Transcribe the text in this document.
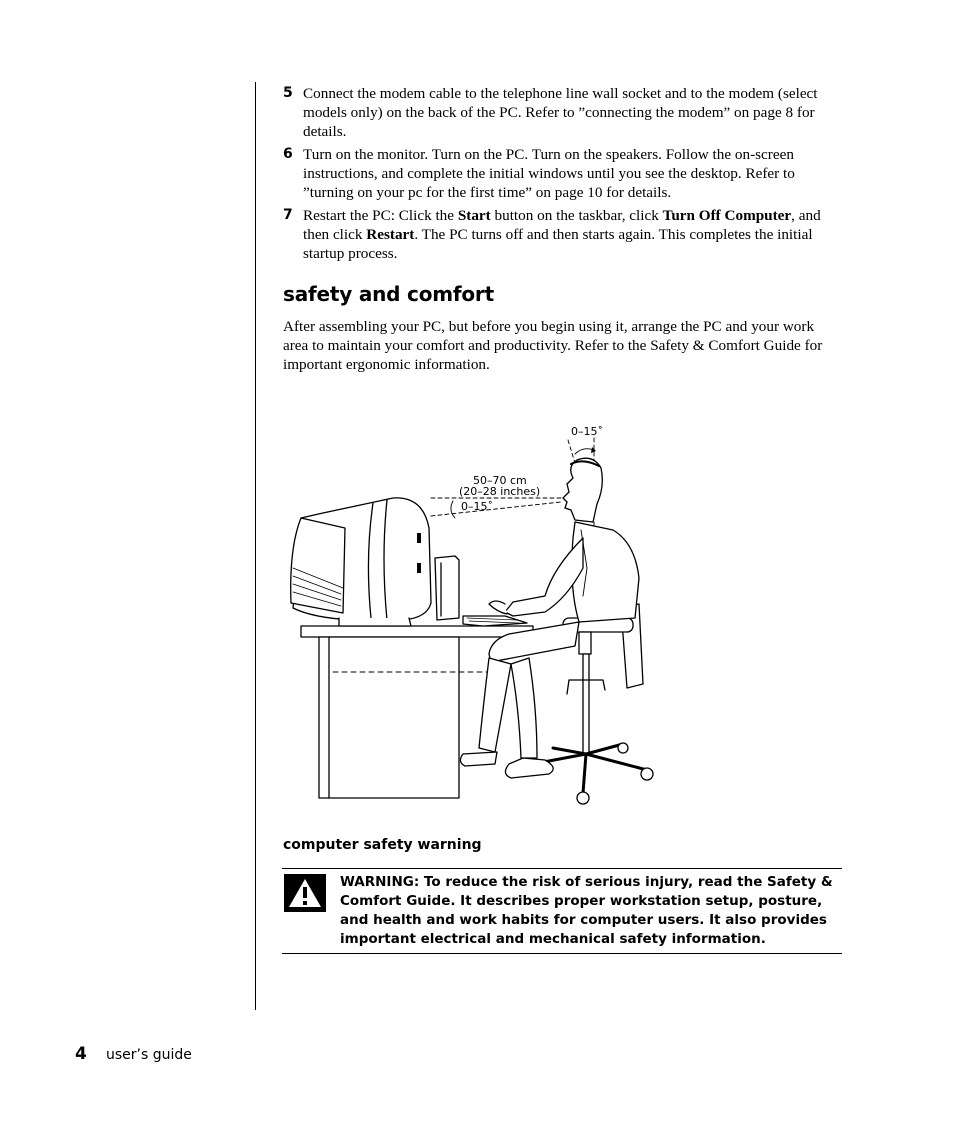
5 Connect the modem cable to the telephone line wall socket and to the modem (select models only) on the back of the PC. Refer to ”connecting the modem” on page 8 for details.
6 Turn on the monitor. Turn on the PC. Turn on the speakers. Follow the on-screen instructions, and complete the initial windows until you see the desktop. Refer to ”turning on your pc for the first time” on page 10 for details.
7 Restart the PC: Click the Start button on the taskbar, click Turn Off Computer, and then click Restart. The PC turns off and then starts again. This completes the initial startup process.
safety and comfort

After assembling your PC, but before you begin using it, arrange the PC and your work area to maintain your comfort and productivity. Refer to the Safety & Comfort Guide for important ergonomic information.

0–15˚
50–70 cm
(20–28 inches)
0–15˚
computer safety warning

WARNING: To reduce the risk of serious injury, read the Safety & Comfort Guide. It describes proper workstation setup, posture, and health and work habits for computer users. It also provides important electrical and mechanical safety information.

4 user’s guide
